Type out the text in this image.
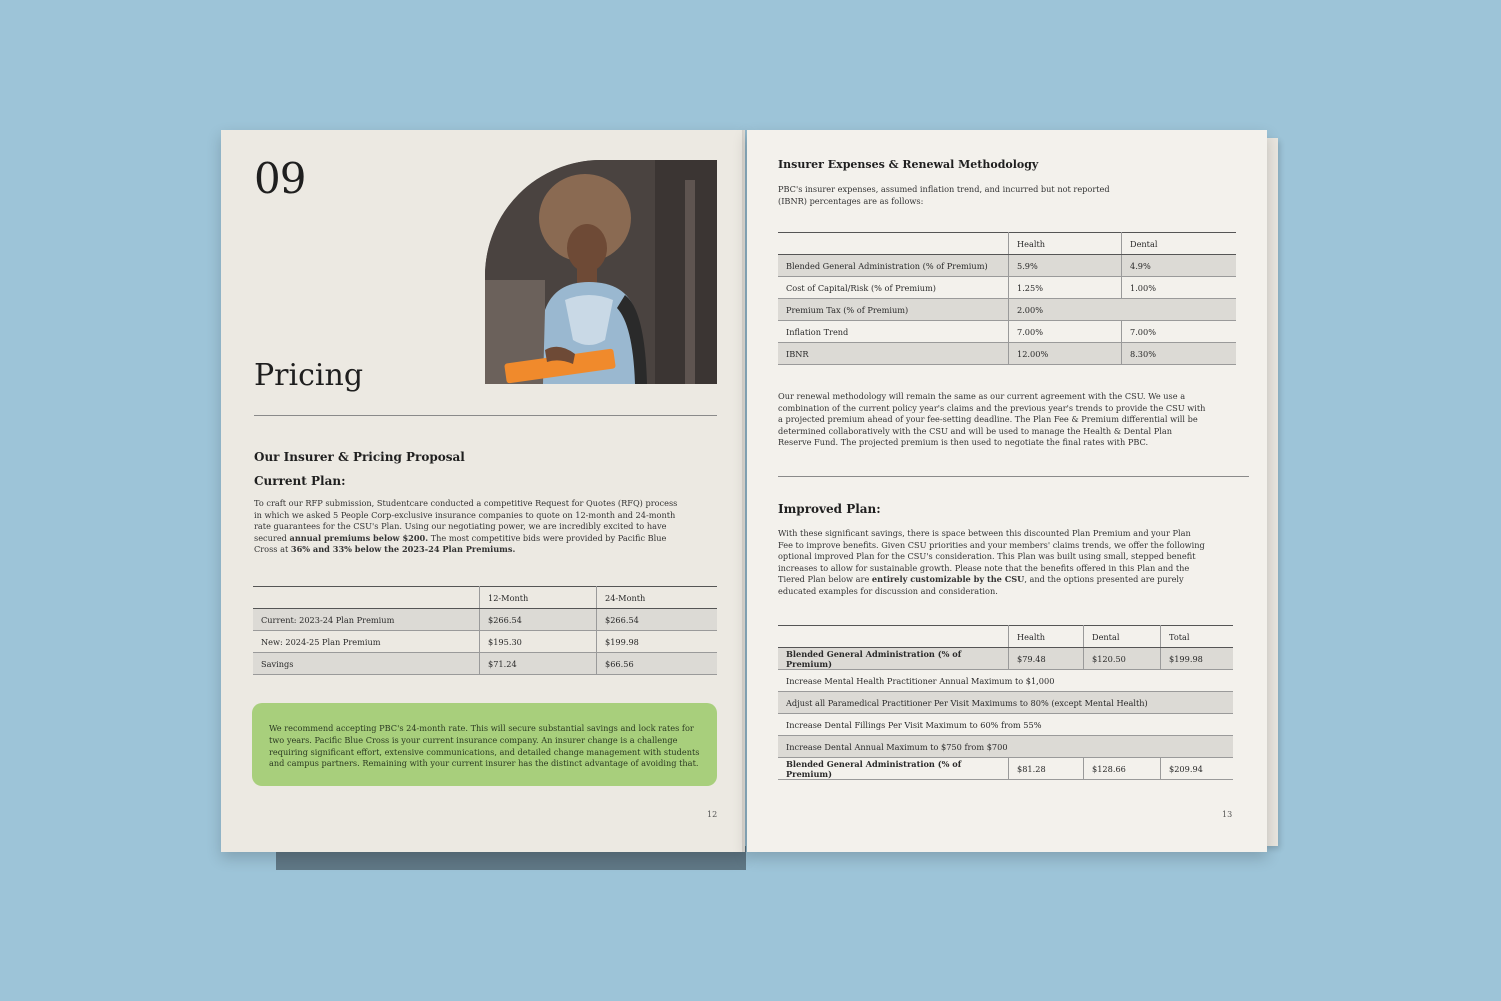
09
Pricing
Our Insurer & Pricing Proposal
Current Plan:
To craft our RFP submission, Studentcare conducted a competitive Request for Quotes (RFQ) process in which we asked 5 People Corp-exclusive insurance companies to quote on 12-month and 24-month rate guarantees for the CSU's Plan. Using our negotiating power, we are incredibly excited to have secured annual premiums below $200. The most competitive bids were provided by Pacific Blue Cross at 36% and 33% below the 2023-24 Plan Premiums.
	12-Month	24-Month
Current: 2023-24 Plan Premium	$266.54	$266.54
New: 2024-25 Plan Premium	$195.30	$199.98
Savings	$71.24	$66.56
We recommend accepting PBC's 24-month rate. This will secure substantial savings and lock rates for two years. Pacific Blue Cross is your current insurance company. An insurer change is a challenge requiring significant effort, extensive communications, and detailed change management with students and campus partners. Remaining with your current insurer has the distinct advantage of avoiding that.
12
Insurer Expenses & Renewal Methodology
PBC's insurer expenses, assumed inflation trend, and incurred but not reported (IBNR) percentages are as follows:
	Health	Dental
Blended General Administration (% of Premium)	5.9%	4.9%
Cost of Capital/Risk (% of Premium)	1.25%	1.00%
Premium Tax (% of Premium)	2.00%	
Inflation Trend	7.00%	7.00%
IBNR	12.00%	8.30%
Our renewal methodology will remain the same as our current agreement with the CSU. We use a combination of the current policy year's claims and the previous year's trends to provide the CSU with a projected premium ahead of your fee-setting deadline. The Plan Fee & Premium differential will be determined collaboratively with the CSU and will be used to manage the Health & Dental Plan Reserve Fund. The projected premium is then used to negotiate the final rates with PBC.
Improved Plan:
With these significant savings, there is space between this discounted Plan Premium and your Plan Fee to improve benefits. Given CSU priorities and your members' claims trends, we offer the following optional improved Plan for the CSU's consideration. This Plan was built using small, stepped benefit increases to allow for sustainable growth. Please note that the benefits offered in this Plan and the Tiered Plan below are entirely customizable by the CSU, and the options presented are purely educated examples for discussion and consideration.
	Health	Dental	Total
Blended General Administration (% of Premium)	$79.48	$120.50	$199.98
Increase Mental Health Practitioner Annual Maximum to $1,000			
Adjust all Paramedical Practitioner Per Visit Maximums to 80% (except Mental Health)			
Increase Dental Fillings Per Visit Maximum to 60% from 55%			
Increase Dental Annual Maximum to $750 from $700			
Blended General Administration (% of Premium)	$81.28	$128.66	$209.94
13
